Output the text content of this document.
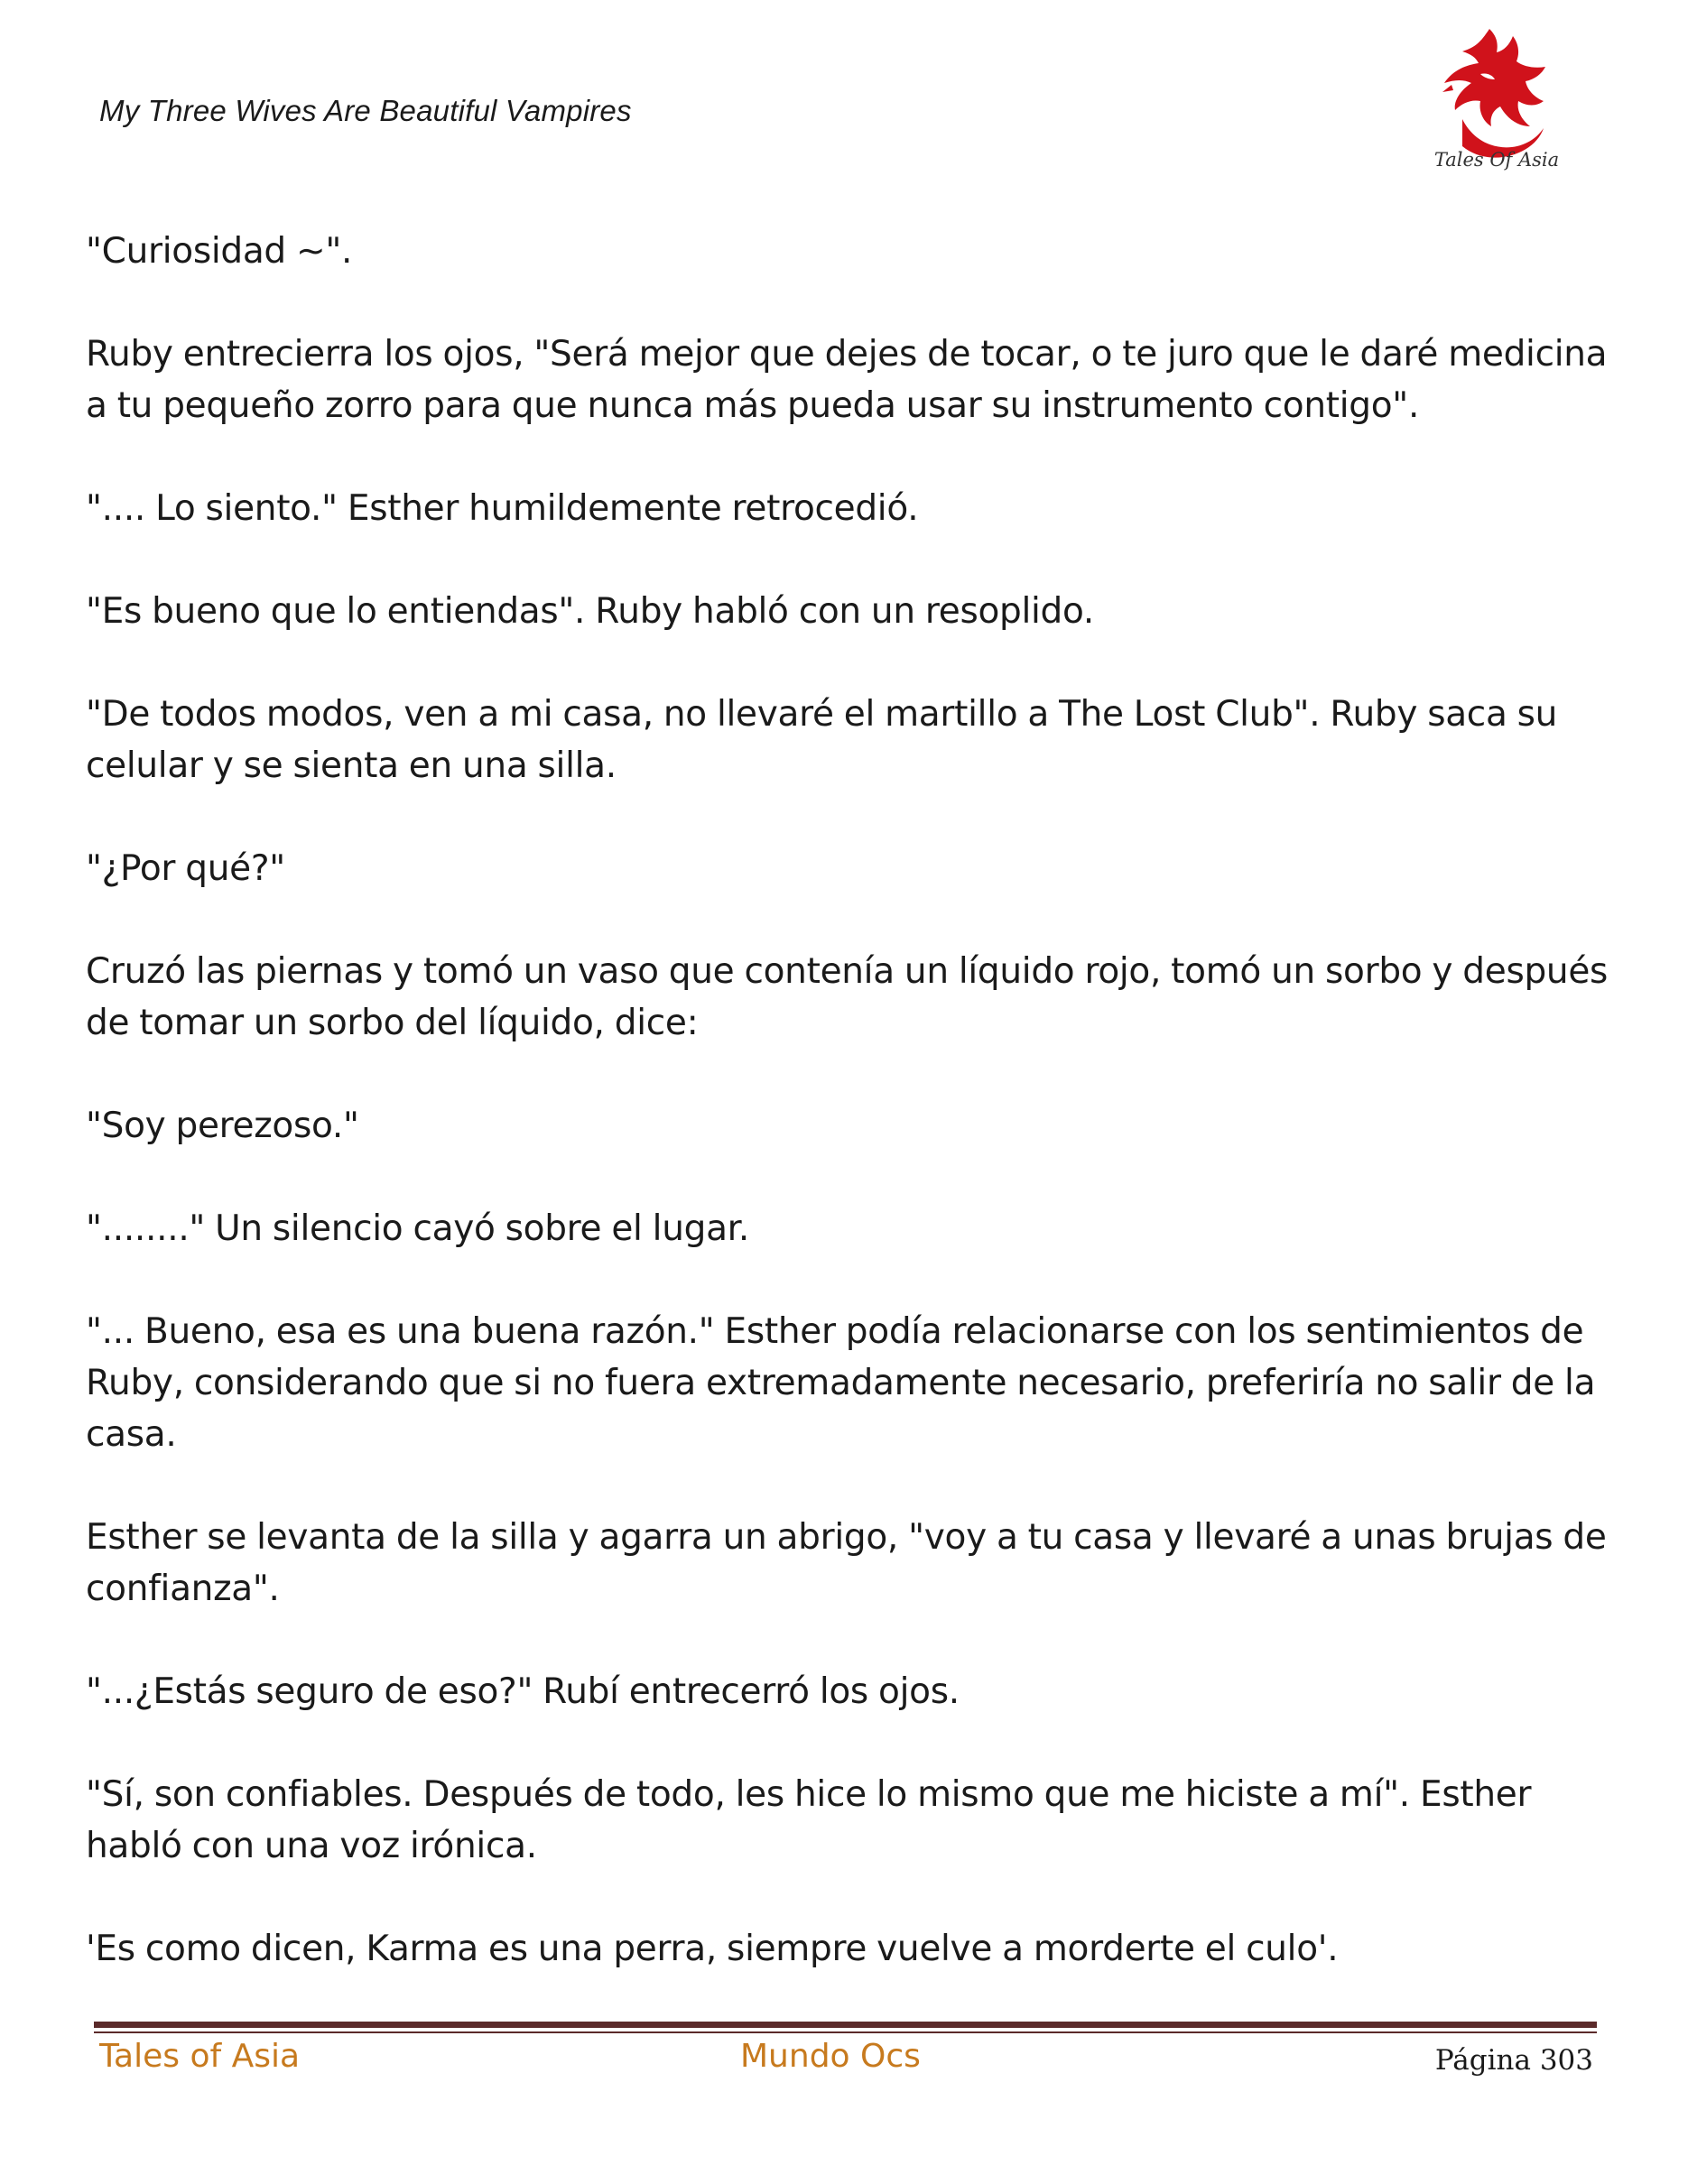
My Three Wives Are Beautiful Vampires
Tales Of Asia

"Curiosidad ~".

Ruby entrecierra los ojos, "Será mejor que dejes de tocar, o te juro que le daré medicina a tu pequeño zorro para que nunca más pueda usar su instrumento contigo".

".... Lo siento." Esther humildemente retrocedió.

"Es bueno que lo entiendas". Ruby habló con un resoplido.

"De todos modos, ven a mi casa, no llevaré el martillo a The Lost Club". Ruby saca su celular y se sienta en una silla.

"¿Por qué?"

Cruzó las piernas y tomó un vaso que contenía un líquido rojo, tomó un sorbo y después de tomar un sorbo del líquido, dice:

"Soy perezoso."

"........" Un silencio cayó sobre el lugar.

"... Bueno, esa es una buena razón." Esther podía relacionarse con los sentimientos de Ruby, considerando que si no fuera extremadamente necesario, preferiría no salir de la casa.

Esther se levanta de la silla y agarra un abrigo, "voy a tu casa y llevaré a unas brujas de confianza".

"...¿Estás seguro de eso?" Rubí entrecerró los ojos.

"Sí, son confiables. Después de todo, les hice lo mismo que me hiciste a mí". Esther habló con una voz irónica.

'Es como dicen, Karma es una perra, siempre vuelve a morderte el culo'.

Tales of Asia	Mundo Ocs	Página 303
